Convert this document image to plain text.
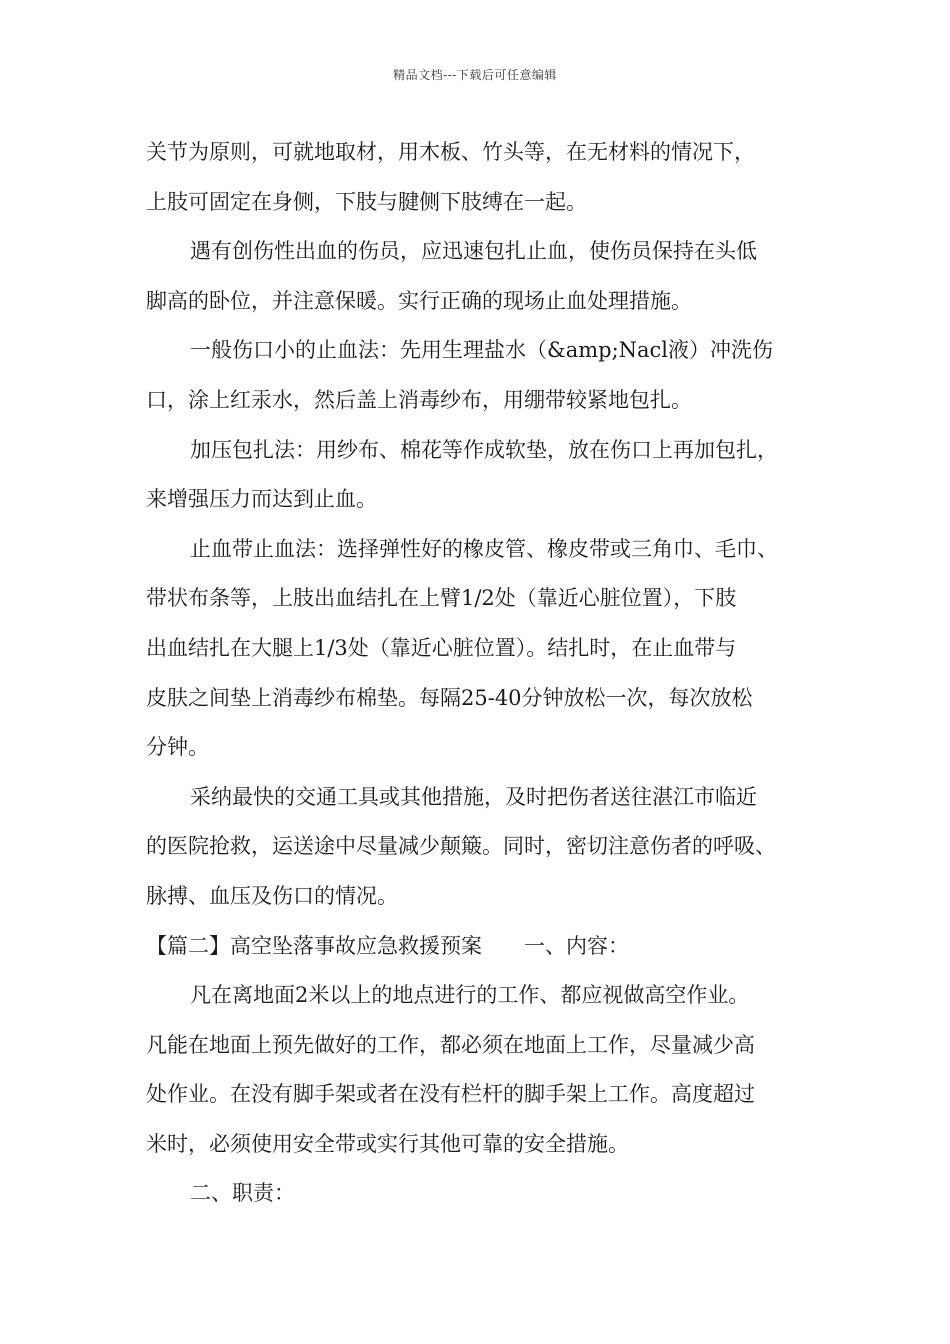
精品文档---下载后可任意编辑
关节为原则，可就地取材，用木板、竹头等，在无材料的情况下，
上肢可固定在身侧，下肢与腱侧下肢缚在一起。
遇有创伤性出血的伤员，应迅速包扎止血，使伤员保持在头低
脚高的卧位，并注意保暖。实行正确的现场止血处理措施。
一般伤口小的止血法：先用生理盐水（&amp;Nacl液）冲洗伤
口，涂上红汞水，然后盖上消毒纱布，用绷带较紧地包扎。
加压包扎法：用纱布、棉花等作成软垫，放在伤口上再加包扎，
来增强压力而达到止血。
止血带止血法：选择弹性好的橡皮管、橡皮带或三角巾、毛巾、
带状布条等，上肢出血结扎在上臂1/2处（靠近心脏位置），下肢
出血结扎在大腿上1/3处（靠近心脏位置）。结扎时，在止血带与
皮肤之间垫上消毒纱布棉垫。每隔25-40分钟放松一次，每次放松
分钟。
采纳最快的交通工具或其他措施，及时把伤者送往湛江市临近
的医院抢救，运送途中尽量减少颠簸。同时，密切注意伤者的呼吸、
脉搏、血压及伤口的情况。
【篇二】高空坠落事故应急救援预案　　一、内容：
凡在离地面2米以上的地点进行的工作、都应视做高空作业。
凡能在地面上预先做好的工作，都必须在地面上工作，尽量减少高
处作业。在没有脚手架或者在没有栏杆的脚手架上工作。高度超过
米时，必须使用安全带或实行其他可靠的安全措施。
二、职责：
